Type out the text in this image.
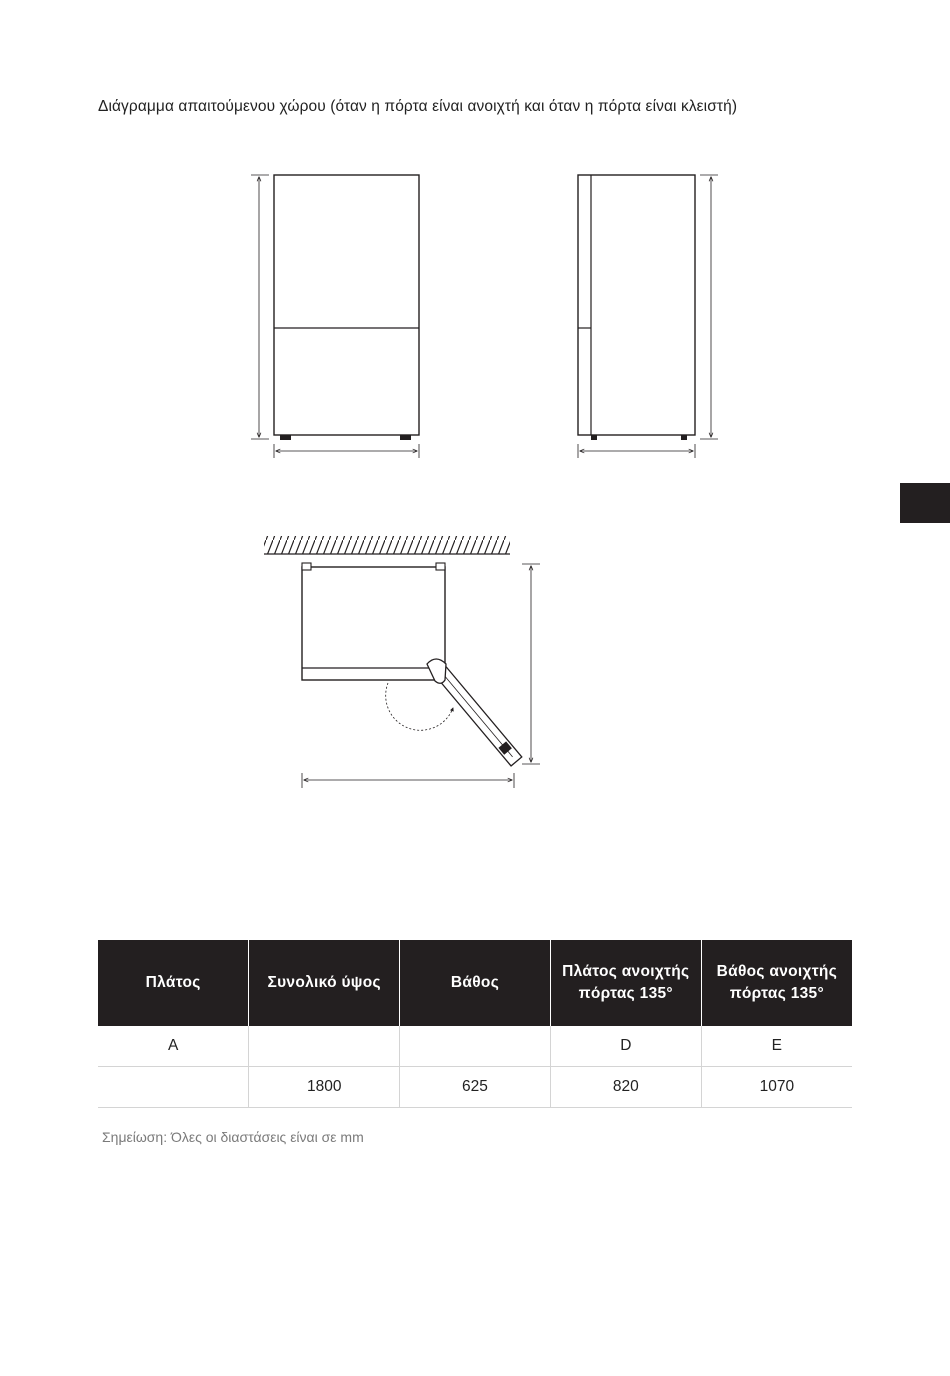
Διάγραμμα απαιτούμενου χώρου (όταν η πόρτα είναι ανοιχτή και όταν η πόρτα είναι κλειστή)
Πλάτος	Συνολικό ύψος	Βάθος	Πλάτος ανοιχτής πόρτας 135°	Βάθος ανοιχτής πόρτας 135°
A			D	E
	1800	625	820	1070
Σημείωση: Όλες οι διαστάσεις είναι σε mm
